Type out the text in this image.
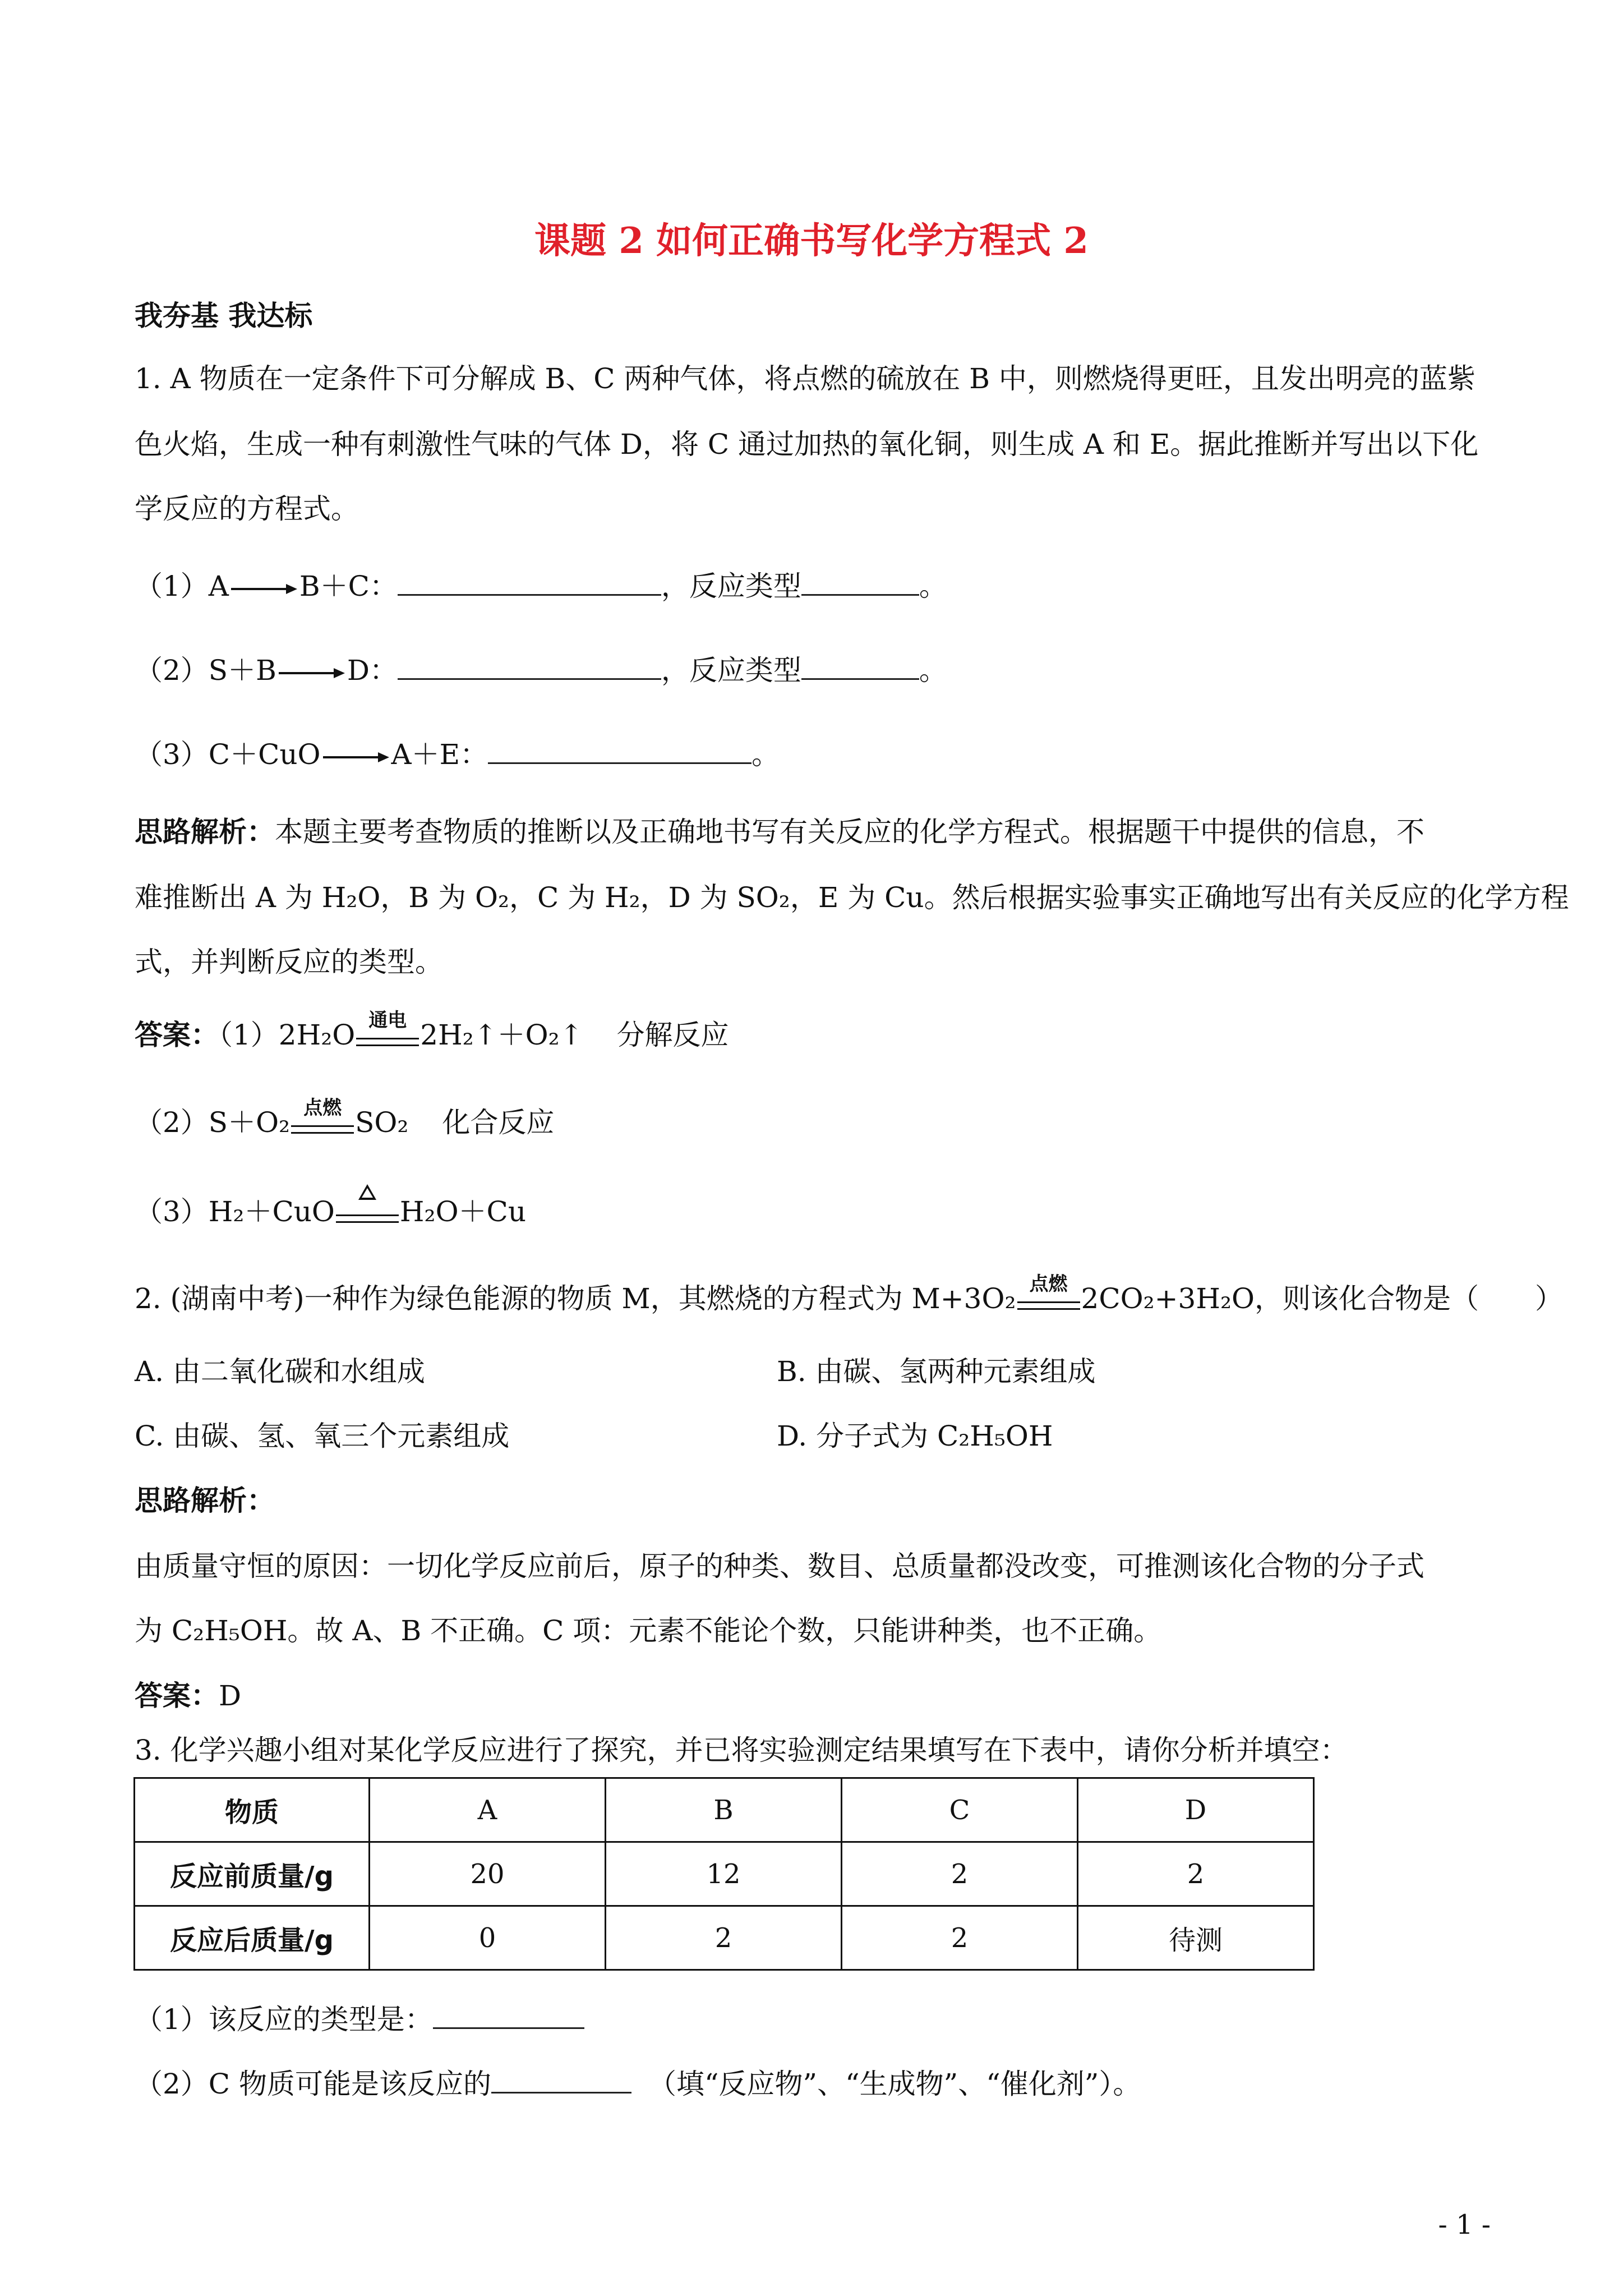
课题 2 如何正确书写化学方程式 2
我夯基 我达标
1. A 物质在一定条件下可分解成 B、C 两种气体，将点燃的硫放在 B 中，则燃烧得更旺，且发出明亮的蓝紫
色火焰，生成一种有刺激性气味的气体 D，将 C 通过加热的氧化铜，则生成 A 和 E。据此推断并写出以下化
学反应的方程式。
（1）A	B＋C：	，反应类型	。
（2）S＋B	D：	，反应类型	。
（3）C＋CuO	A＋E：	。
思路解析：本题主要考查物质的推断以及正确地书写有关反应的化学方程式。根据题干中提供的信息，不
难推断出 A 为 H₂O，B 为 O₂，C 为 H₂，D 为 SO₂，E 为 Cu。然后根据实验事实正确地写出有关反应的化学方程
式，并判断反应的类型。
答案：（1）2H₂O 通电 2H₂↑＋O₂↑ 分解反应
（2）S＋O₂ 点燃 SO₂ 化合反应
（3）H₂＋CuO H₂O＋Cu
2. (湖南中考)一种作为绿色能源的物质 M，其燃烧的方程式为 M+3O₂ 点燃 2CO₂+3H₂O，则该化合物是（　　）
A. 由二氧化碳和水组成	B. 由碳、氢两种元素组成
C. 由碳、氢、氧三个元素组成	D. 分子式为 C₂H₅OH
思路解析：
由质量守恒的原因：一切化学反应前后，原子的种类、数目、总质量都没改变，可推测该化合物的分子式
为 C₂H₅OH。故 A、B 不正确。C 项：元素不能论个数，只能讲种类，也不正确。
答案：D
3. 化学兴趣小组对某化学反应进行了探究，并已将实验测定结果填写在下表中，请你分析并填空：
物质	A	B	C	D
反应前质量/g	20	12	2	2
反应后质量/g	0	2	2	待测
（1）该反应的类型是：
（2）C 物质可能是该反应的	（填“反应物”、“生成物”、“催化剂”）。
- 1 -
